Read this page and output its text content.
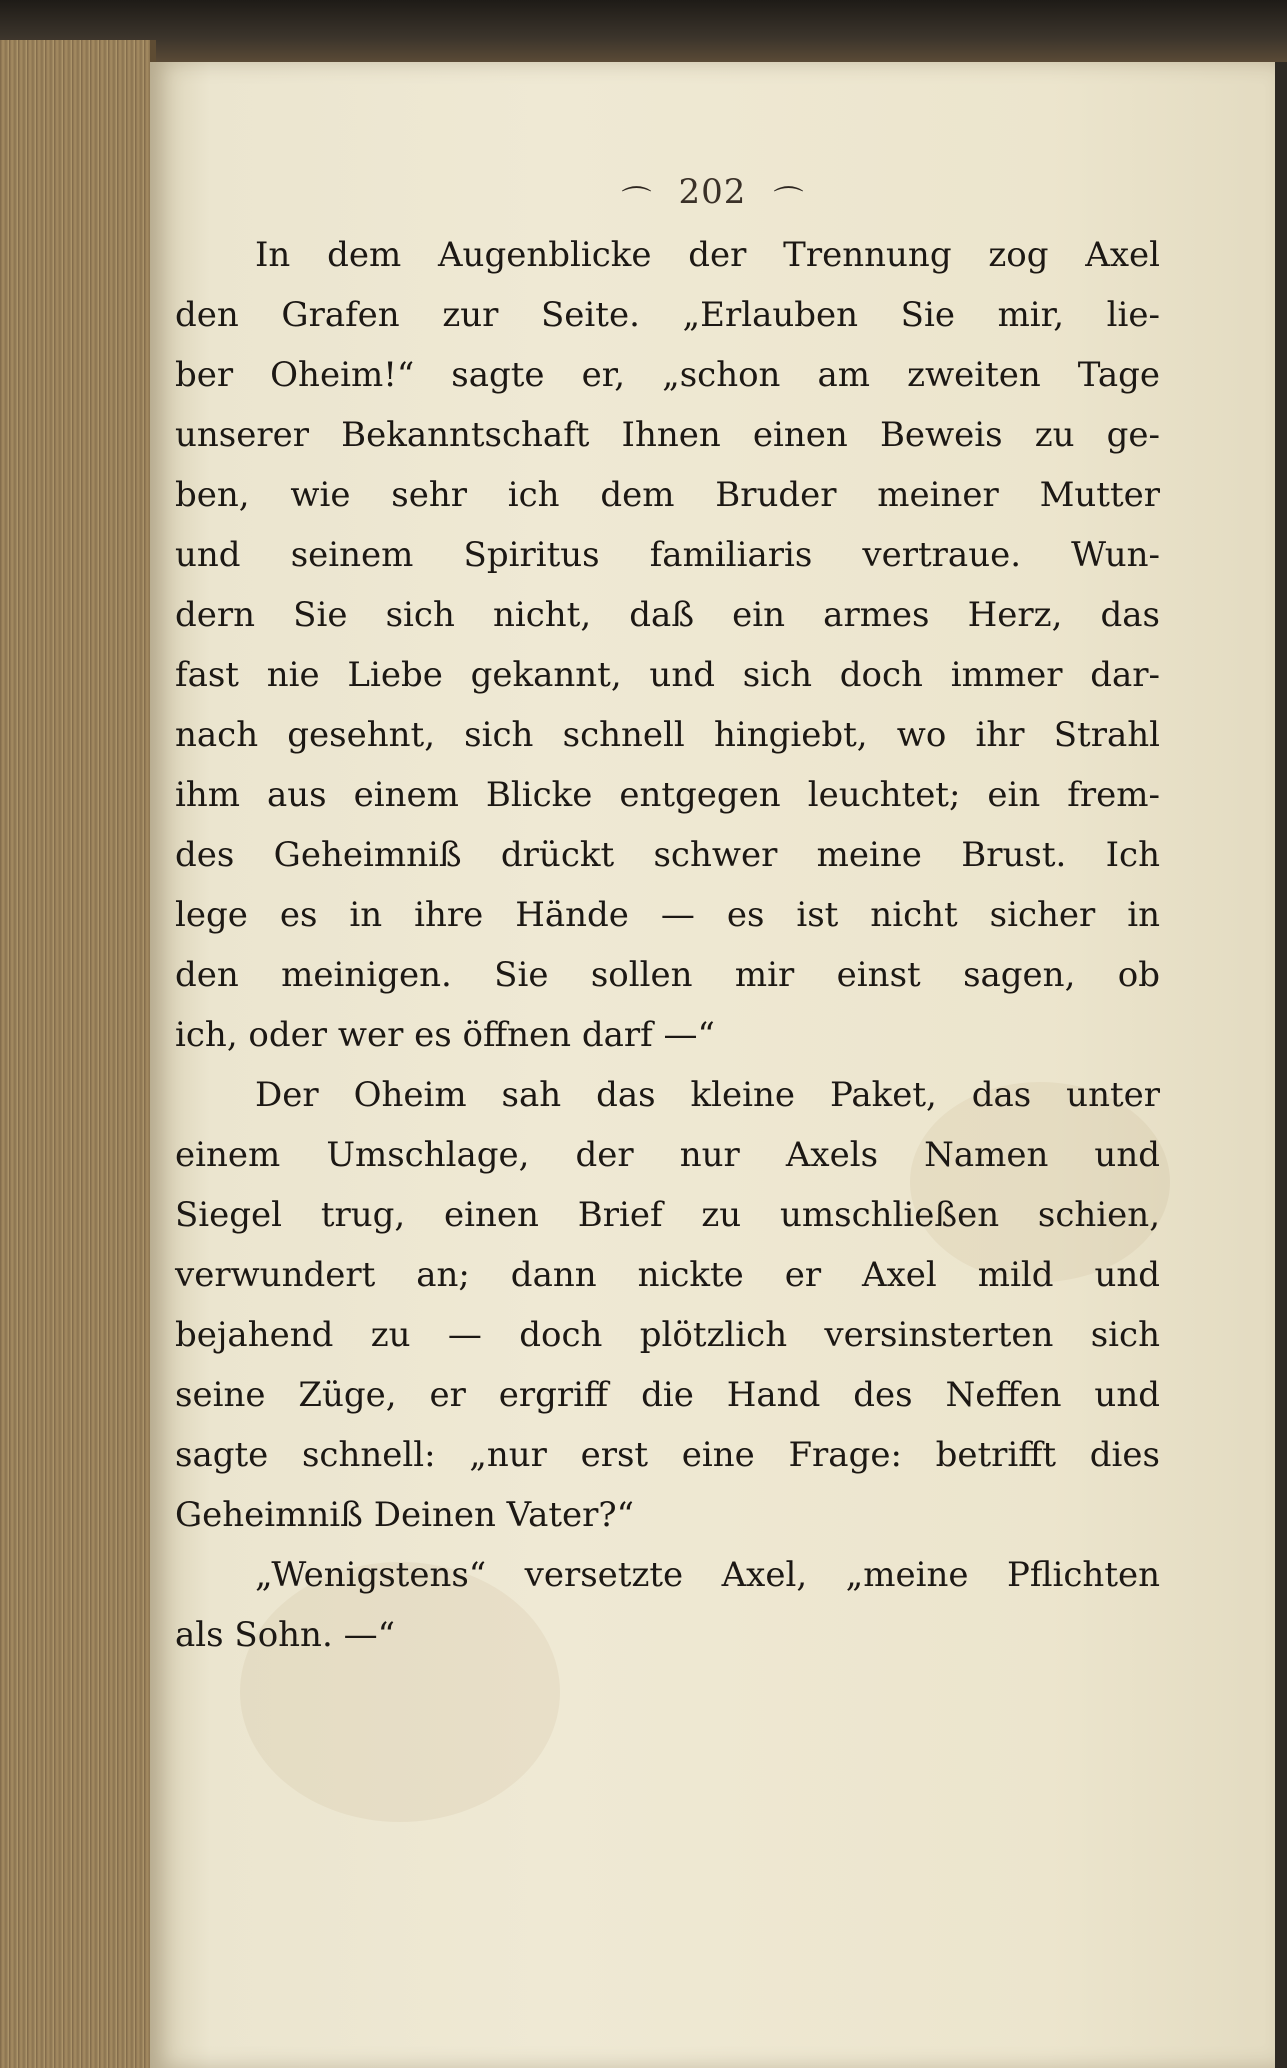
⌒ 202 ⌒
In dem Augenblicke der Trennung zog Axel
den Grafen zur Seite. „Erlauben Sie mir, lie-
ber Oheim!“ sagte er, „schon am zweiten Tage
unserer Bekanntschaft Ihnen einen Beweis zu ge-
ben, wie sehr ich dem Bruder meiner Mutter
und seinem Spiritus familiaris vertraue. Wun-
dern Sie sich nicht, daß ein armes Herz, das
fast nie Liebe gekannt, und sich doch immer dar-
nach gesehnt, sich schnell hingiebt, wo ihr Strahl
ihm aus einem Blicke entgegen leuchtet; ein frem-
des Geheimniß drückt schwer meine Brust. Ich
lege es in ihre Hände — es ist nicht sicher in
den meinigen. Sie sollen mir einst sagen, ob
ich, oder wer es öffnen darf —“
Der Oheim sah das kleine Paket, das unter
einem Umschlage, der nur Axels Namen und
Siegel trug, einen Brief zu umschließen schien,
verwundert an; dann nickte er Axel mild und
bejahend zu — doch plötzlich versinsterten sich
seine Züge, er ergriff die Hand des Neffen und
sagte schnell: „nur erst eine Frage: betrifft dies
Geheimniß Deinen Vater?“
„Wenigstens“ versetzte Axel, „meine Pflichten
als Sohn. —“
